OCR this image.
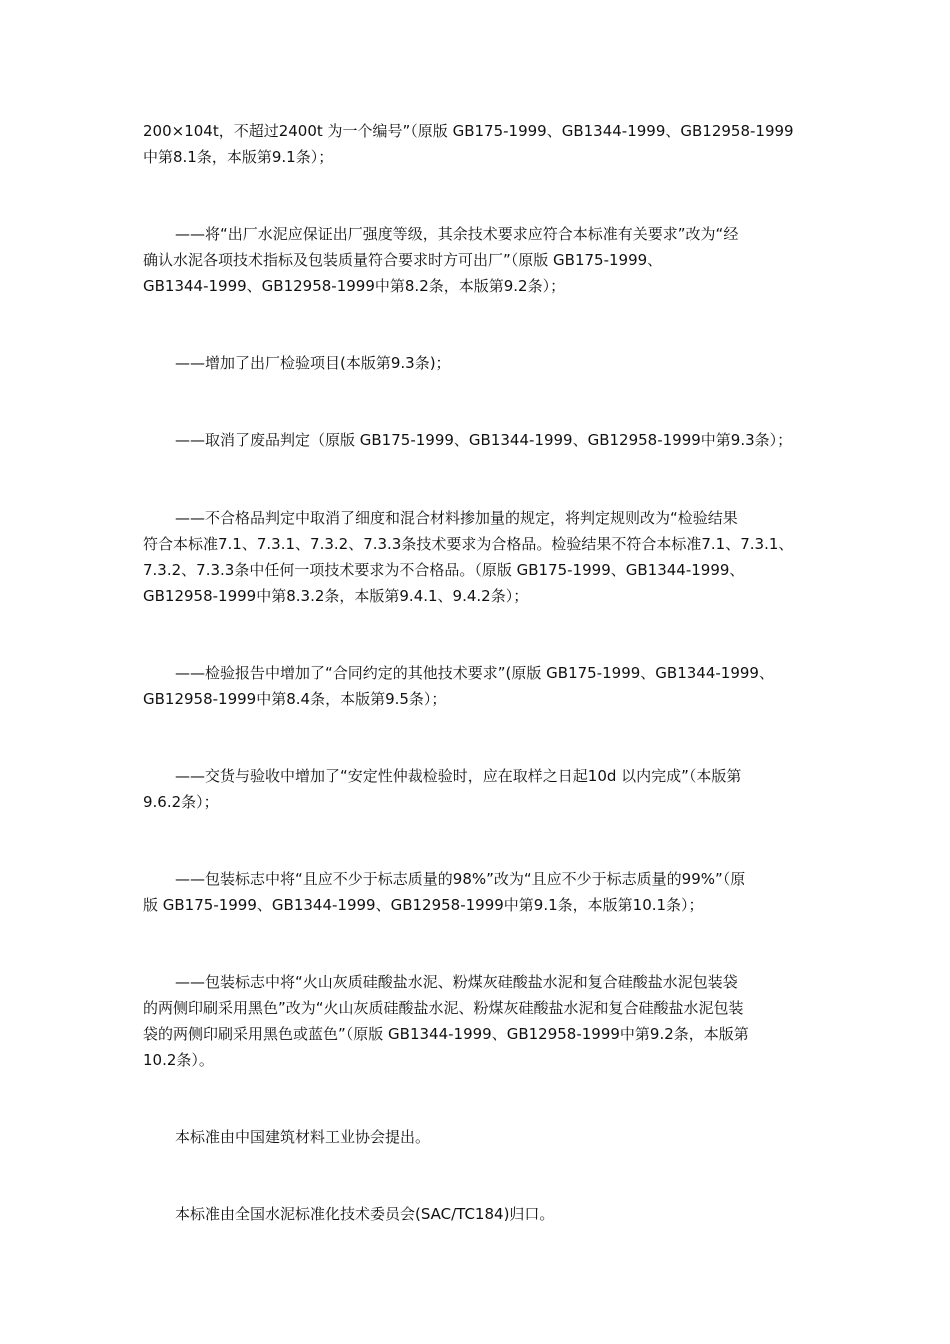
200×104t，不超过2400t 为一个编号”（原版 GB175-1999、GB1344-1999、GB12958-1999
中第8.1条，本版第9.1条）；

——将“出厂水泥应保证出厂强度等级，其余技术要求应符合本标准有关要求”改为“经
确认水泥各项技术指标及包装质量符合要求时方可出厂”（原版 GB175-1999、
GB1344-1999、GB12958-1999中第8.2条，本版第9.2条）；

——增加了出厂检验项目(本版第9.3条)；

——取消了废品判定（原版 GB175-1999、GB1344-1999、GB12958-1999中第9.3条）；

——不合格品判定中取消了细度和混合材料掺加量的规定，将判定规则改为“检验结果
符合本标准7.1、7.3.1、7.3.2、7.3.3条技术要求为合格品。检验结果不符合本标准7.1、7.3.1、
7.3.2、7.3.3条中任何一项技术要求为不合格品。（原版 GB175-1999、GB1344-1999、
GB12958-1999中第8.3.2条，本版第9.4.1、9.4.2条）；

——检验报告中增加了“合同约定的其他技术要求”(原版 GB175-1999、GB1344-1999、
GB12958-1999中第8.4条，本版第9.5条）；

——交货与验收中增加了“安定性仲裁检验时，应在取样之日起10d 以内完成”（本版第
9.6.2条）；

——包装标志中将“且应不少于标志质量的98%”改为“且应不少于标志质量的99%”（原
版 GB175-1999、GB1344-1999、GB12958-1999中第9.1条，本版第10.1条）；

——包装标志中将“火山灰质硅酸盐水泥、粉煤灰硅酸盐水泥和复合硅酸盐水泥包装袋
的两侧印刷采用黑色”改为“火山灰质硅酸盐水泥、粉煤灰硅酸盐水泥和复合硅酸盐水泥包装
袋的两侧印刷采用黑色或蓝色”（原版 GB1344-1999、GB12958-1999中第9.2条，本版第
10.2条）。

本标准由中国建筑材料工业协会提出。

本标准由全国水泥标准化技术委员会(SAC/TC184)归口。
